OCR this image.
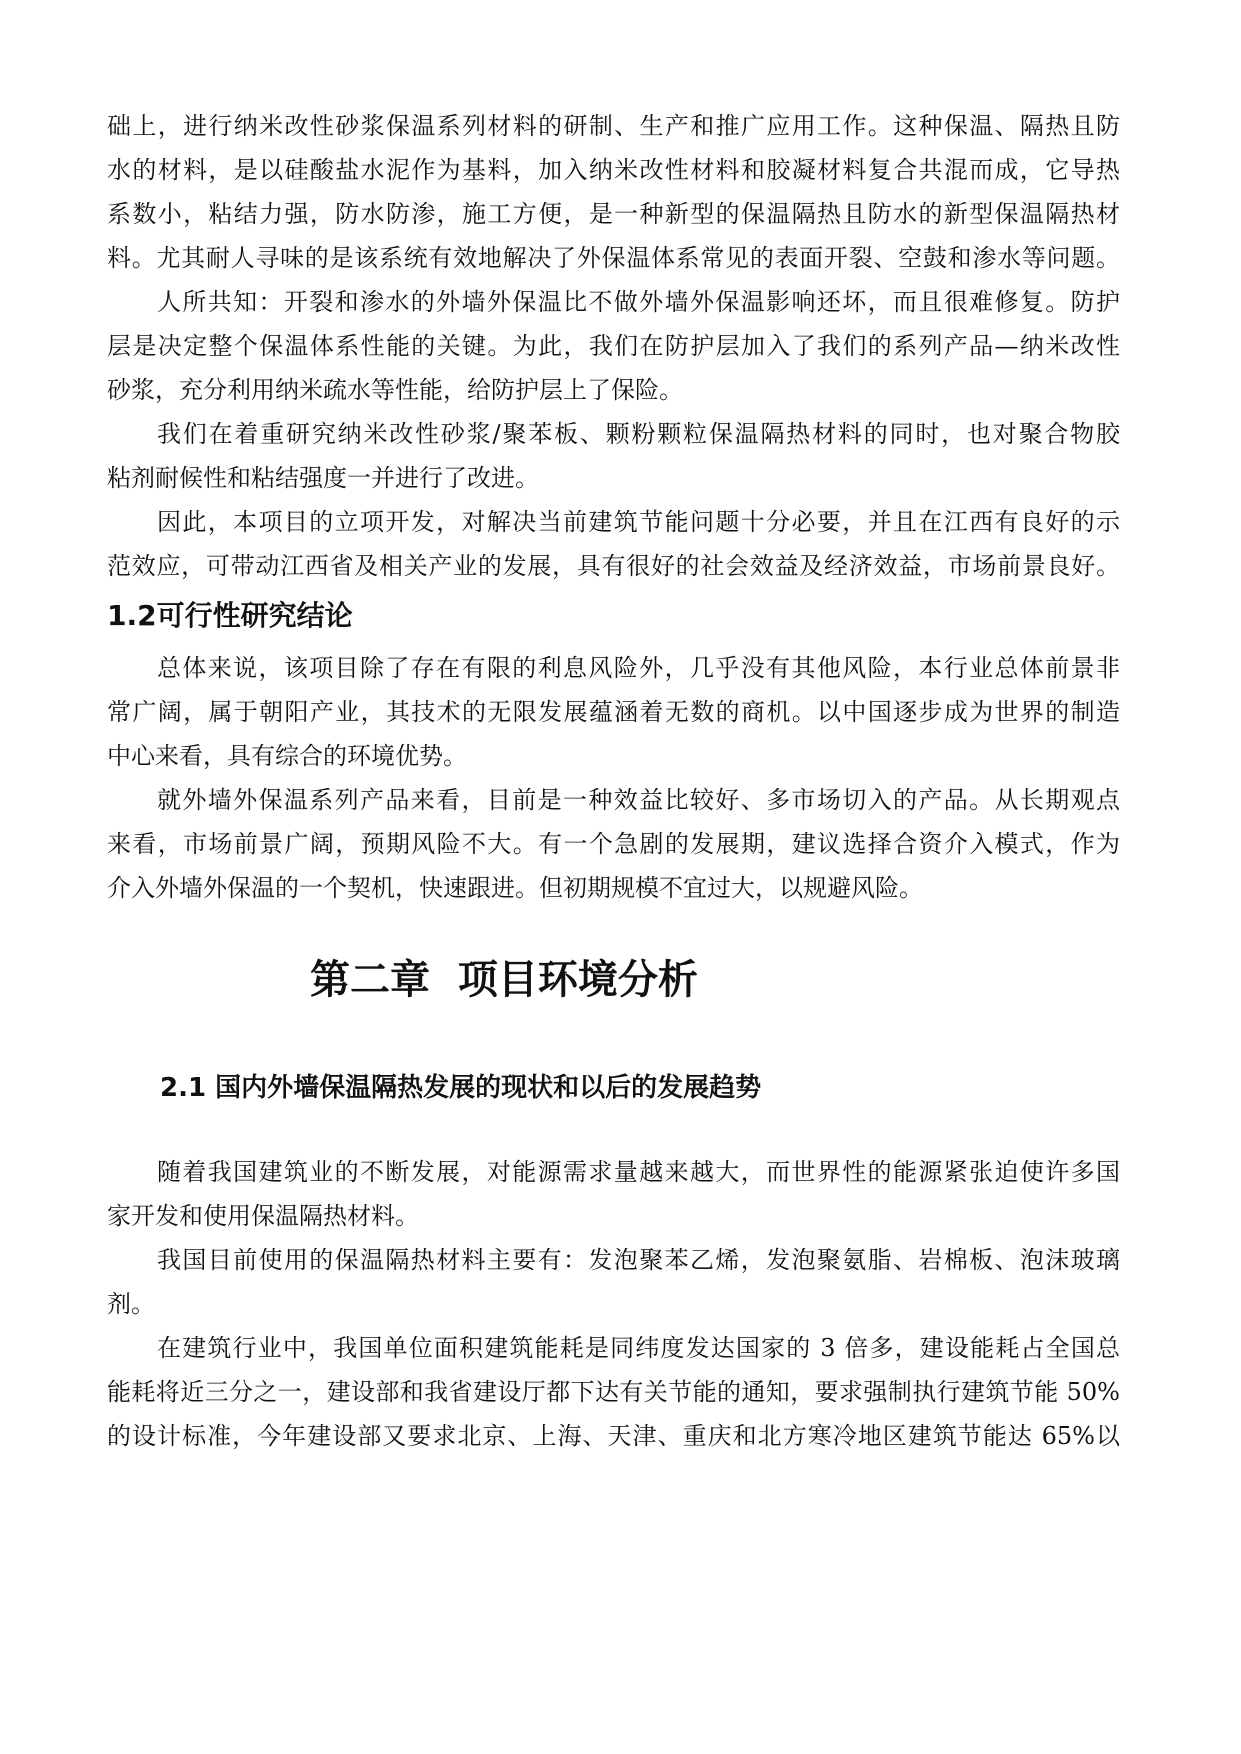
础上，进行纳米改性砂浆保温系列材料的研制、生产和推广应用工作。这种保温、隔热且防
水的材料，是以硅酸盐水泥作为基料，加入纳米改性材料和胶凝材料复合共混而成，它导热
系数小，粘结力强，防水防渗，施工方便，是一种新型的保温隔热且防水的新型保温隔热材
料。尤其耐人寻味的是该系统有效地解决了外保温体系常见的表面开裂、空鼓和渗水等问题。
人所共知：开裂和渗水的外墙外保温比不做外墙外保温影响还坏，而且很难修复。防护
层是决定整个保温体系性能的关键。为此，我们在防护层加入了我们的系列产品—纳米改性
砂浆，充分利用纳米疏水等性能，给防护层上了保险。
我们在着重研究纳米改性砂浆/聚苯板、颗粉颗粒保温隔热材料的同时，也对聚合物胶
粘剂耐候性和粘结强度一并进行了改进。
因此，本项目的立项开发，对解决当前建筑节能问题十分必要，并且在江西有良好的示
范效应，可带动江西省及相关产业的发展，具有很好的社会效益及经济效益，市场前景良好。
1.2可行性研究结论
总体来说，该项目除了存在有限的利息风险外，几乎没有其他风险，本行业总体前景非
常广阔，属于朝阳产业，其技术的无限发展蕴涵着无数的商机。以中国逐步成为世界的制造
中心来看，具有综合的环境优势。
就外墙外保温系列产品来看，目前是一种效益比较好、多市场切入的产品。从长期观点
来看，市场前景广阔，预期风险不大。有一个急剧的发展期，建议选择合资介入模式，作为
介入外墙外保温的一个契机，快速跟进。但初期规模不宜过大，以规避风险。
第二章  项目环境分析
2.1 国内外墙保温隔热发展的现状和以后的发展趋势
随着我国建筑业的不断发展，对能源需求量越来越大，而世界性的能源紧张迫使许多国
家开发和使用保温隔热材料。
我国目前使用的保温隔热材料主要有：发泡聚苯乙烯，发泡聚氨脂、岩棉板、泡沫玻璃
剂。
在建筑行业中，我国单位面积建筑能耗是同纬度发达国家的 3 倍多，建设能耗占全国总
能耗将近三分之一，建设部和我省建设厅都下达有关节能的通知，要求强制执行建筑节能 50%
的设计标准，今年建设部又要求北京、上海、天津、重庆和北方寒冷地区建筑节能达 65%以
